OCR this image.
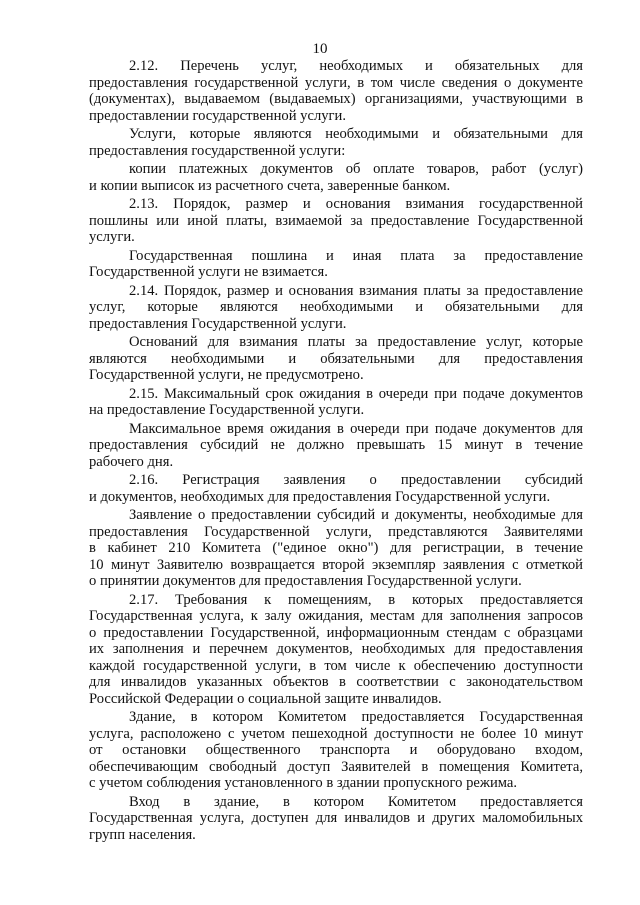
10
2.12. Перечень услуг, необходимых и обязательных для
предоставления государственной услуги, в том числе сведения о документе
(документах), выдаваемом (выдаваемых) организациями, участвующими в
предоставлении государственной услуги.
Услуги, которые являются необходимыми и обязательными для
предоставления государственной услуги:
копии платежных документов об оплате товаров, работ (услуг)
и копии выписок из расчетного счета, заверенные банком.
2.13. Порядок, размер и основания взимания государственной
пошлины или иной платы, взимаемой за предоставление Государственной
услуги.
Государственная пошлина и иная плата за предоставление
Государственной услуги не взимается.
2.14. Порядок, размер и основания взимания платы за предоставление
услуг, которые являются необходимыми и обязательными для
предоставления Государственной услуги.
Оснований для взимания платы за предоставление услуг, которые
являются необходимыми и обязательными для предоставления
Государственной услуги, не предусмотрено.
2.15. Максимальный срок ожидания в очереди при подаче документов
на предоставление Государственной услуги.
Максимальное время ожидания в очереди при подаче документов для
предоставления субсидий не должно превышать 15 минут в течение
рабочего дня.
2.16. Регистрация заявления о предоставлении субсидий
и документов, необходимых для предоставления Государственной услуги.
Заявление о предоставлении субсидий и документы, необходимые для
предоставления Государственной услуги, представляются Заявителями
в кабинет 210 Комитета ("единое окно") для регистрации, в течение
10 минут Заявителю возвращается второй экземпляр заявления с отметкой
о принятии документов для предоставления Государственной услуги.
2.17. Требования к помещениям, в которых предоставляется
Государственная услуга, к залу ожидания, местам для заполнения запросов
о предоставлении Государственной, информационным стендам с образцами
их заполнения и перечнем документов, необходимых для предоставления
каждой государственной услуги, в том числе к обеспечению доступности
для инвалидов указанных объектов в соответствии с законодательством
Российской Федерации о социальной защите инвалидов.
Здание, в котором Комитетом предоставляется Государственная
услуга, расположено с учетом пешеходной доступности не более 10 минут
от остановки общественного транспорта и оборудовано входом,
обеспечивающим свободный доступ Заявителей в помещения Комитета,
с учетом соблюдения установленного в здании пропускного режима.
Вход в здание, в котором Комитетом предоставляется
Государственная услуга, доступен для инвалидов и других маломобильных
групп населения.
